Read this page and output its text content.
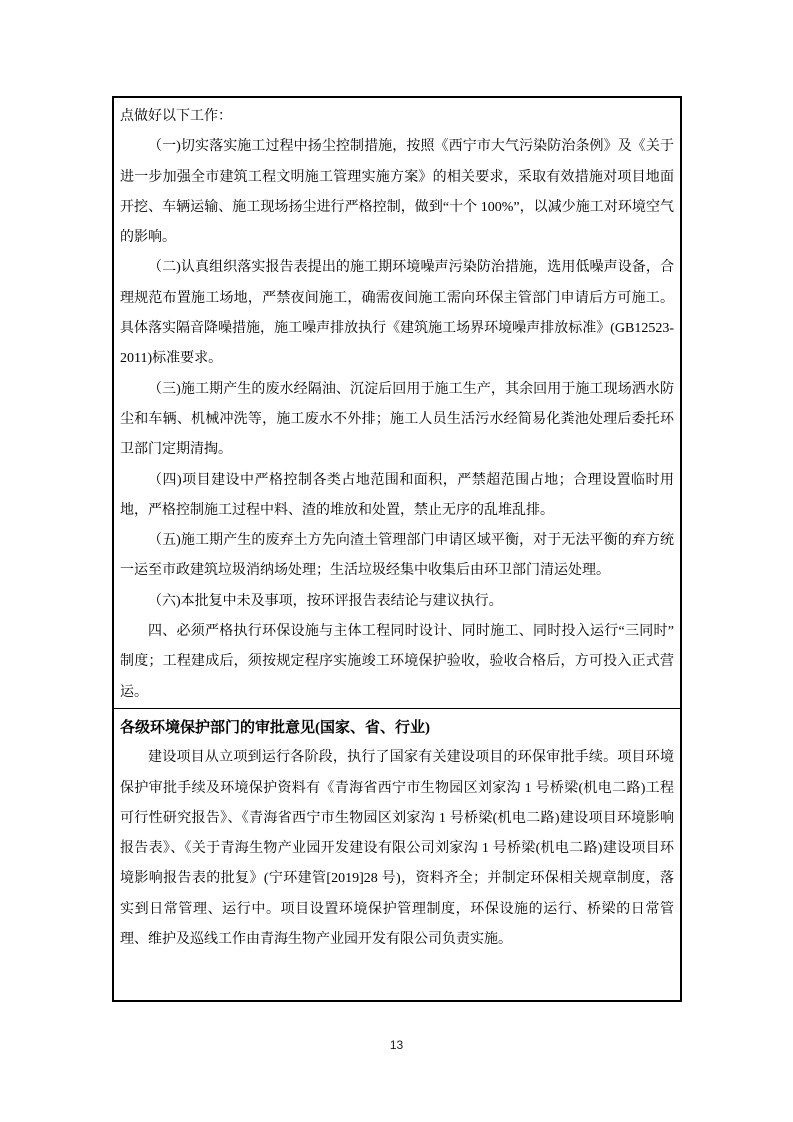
点做好以下工作：

（一)切实落实施工过程中扬尘控制措施，按照《西宁市大气污染防治条例》及《关于进一步加强全市建筑工程文明施工管理实施方案》的相关要求，采取有效措施对项目地面开挖、车辆运输、施工现场扬尘进行严格控制，做到“十个 100%”，以减少施工对环境空气的影响。

（二)认真组织落实报告表提出的施工期环境噪声污染防治措施，选用低噪声设备，合理规范布置施工场地，严禁夜间施工，确需夜间施工需向环保主管部门申请后方可施工。具体落实隔音降噪措施，施工噪声排放执行《建筑施工场界环境噪声排放标准》(GB12523-2011)标准要求。

（三)施工期产生的废水经隔油、沉淀后回用于施工生产，其余回用于施工现场洒水防尘和车辆、机械冲洗等，施工废水不外排；施工人员生活污水经简易化粪池处理后委托环卫部门定期清掏。

（四)项目建设中严格控制各类占地范围和面积，严禁超范围占地；合理设置临时用地，严格控制施工过程中料、渣的堆放和处置，禁止无序的乱堆乱排。

（五)施工期产生的废弃土方先向渣土管理部门申请区域平衡，对于无法平衡的弃方统一运至市政建筑垃圾消纳场处理；生活垃圾经集中收集后由环卫部门清运处理。

（六)本批复中未及事项，按环评报告表结论与建议执行。

四、必须严格执行环保设施与主体工程同时设计、同时施工、同时投入运行“三同时”制度；工程建成后，须按规定程序实施竣工环境保护验收，验收合格后，方可投入正式营运。

各级环境保护部门的审批意见(国家、省、行业)

建设项目从立项到运行各阶段，执行了国家有关建设项目的环保审批手续。项目环境保护审批手续及环境保护资料有《青海省西宁市生物园区刘家沟 1 号桥梁(机电二路)工程可行性研究报告》、《青海省西宁市生物园区刘家沟 1 号桥梁(机电二路)建设项目环境影响报告表》、《关于青海生物产业园开发建设有限公司刘家沟 1 号桥梁(机电二路)建设项目环境影响报告表的批复》(宁环建管[2019]28 号)，资料齐全；并制定环保相关规章制度，落实到日常管理、运行中。项目设置环境保护管理制度，环保设施的运行、桥梁的日常管理、维护及巡线工作由青海生物产业园开发有限公司负责实施。

13
